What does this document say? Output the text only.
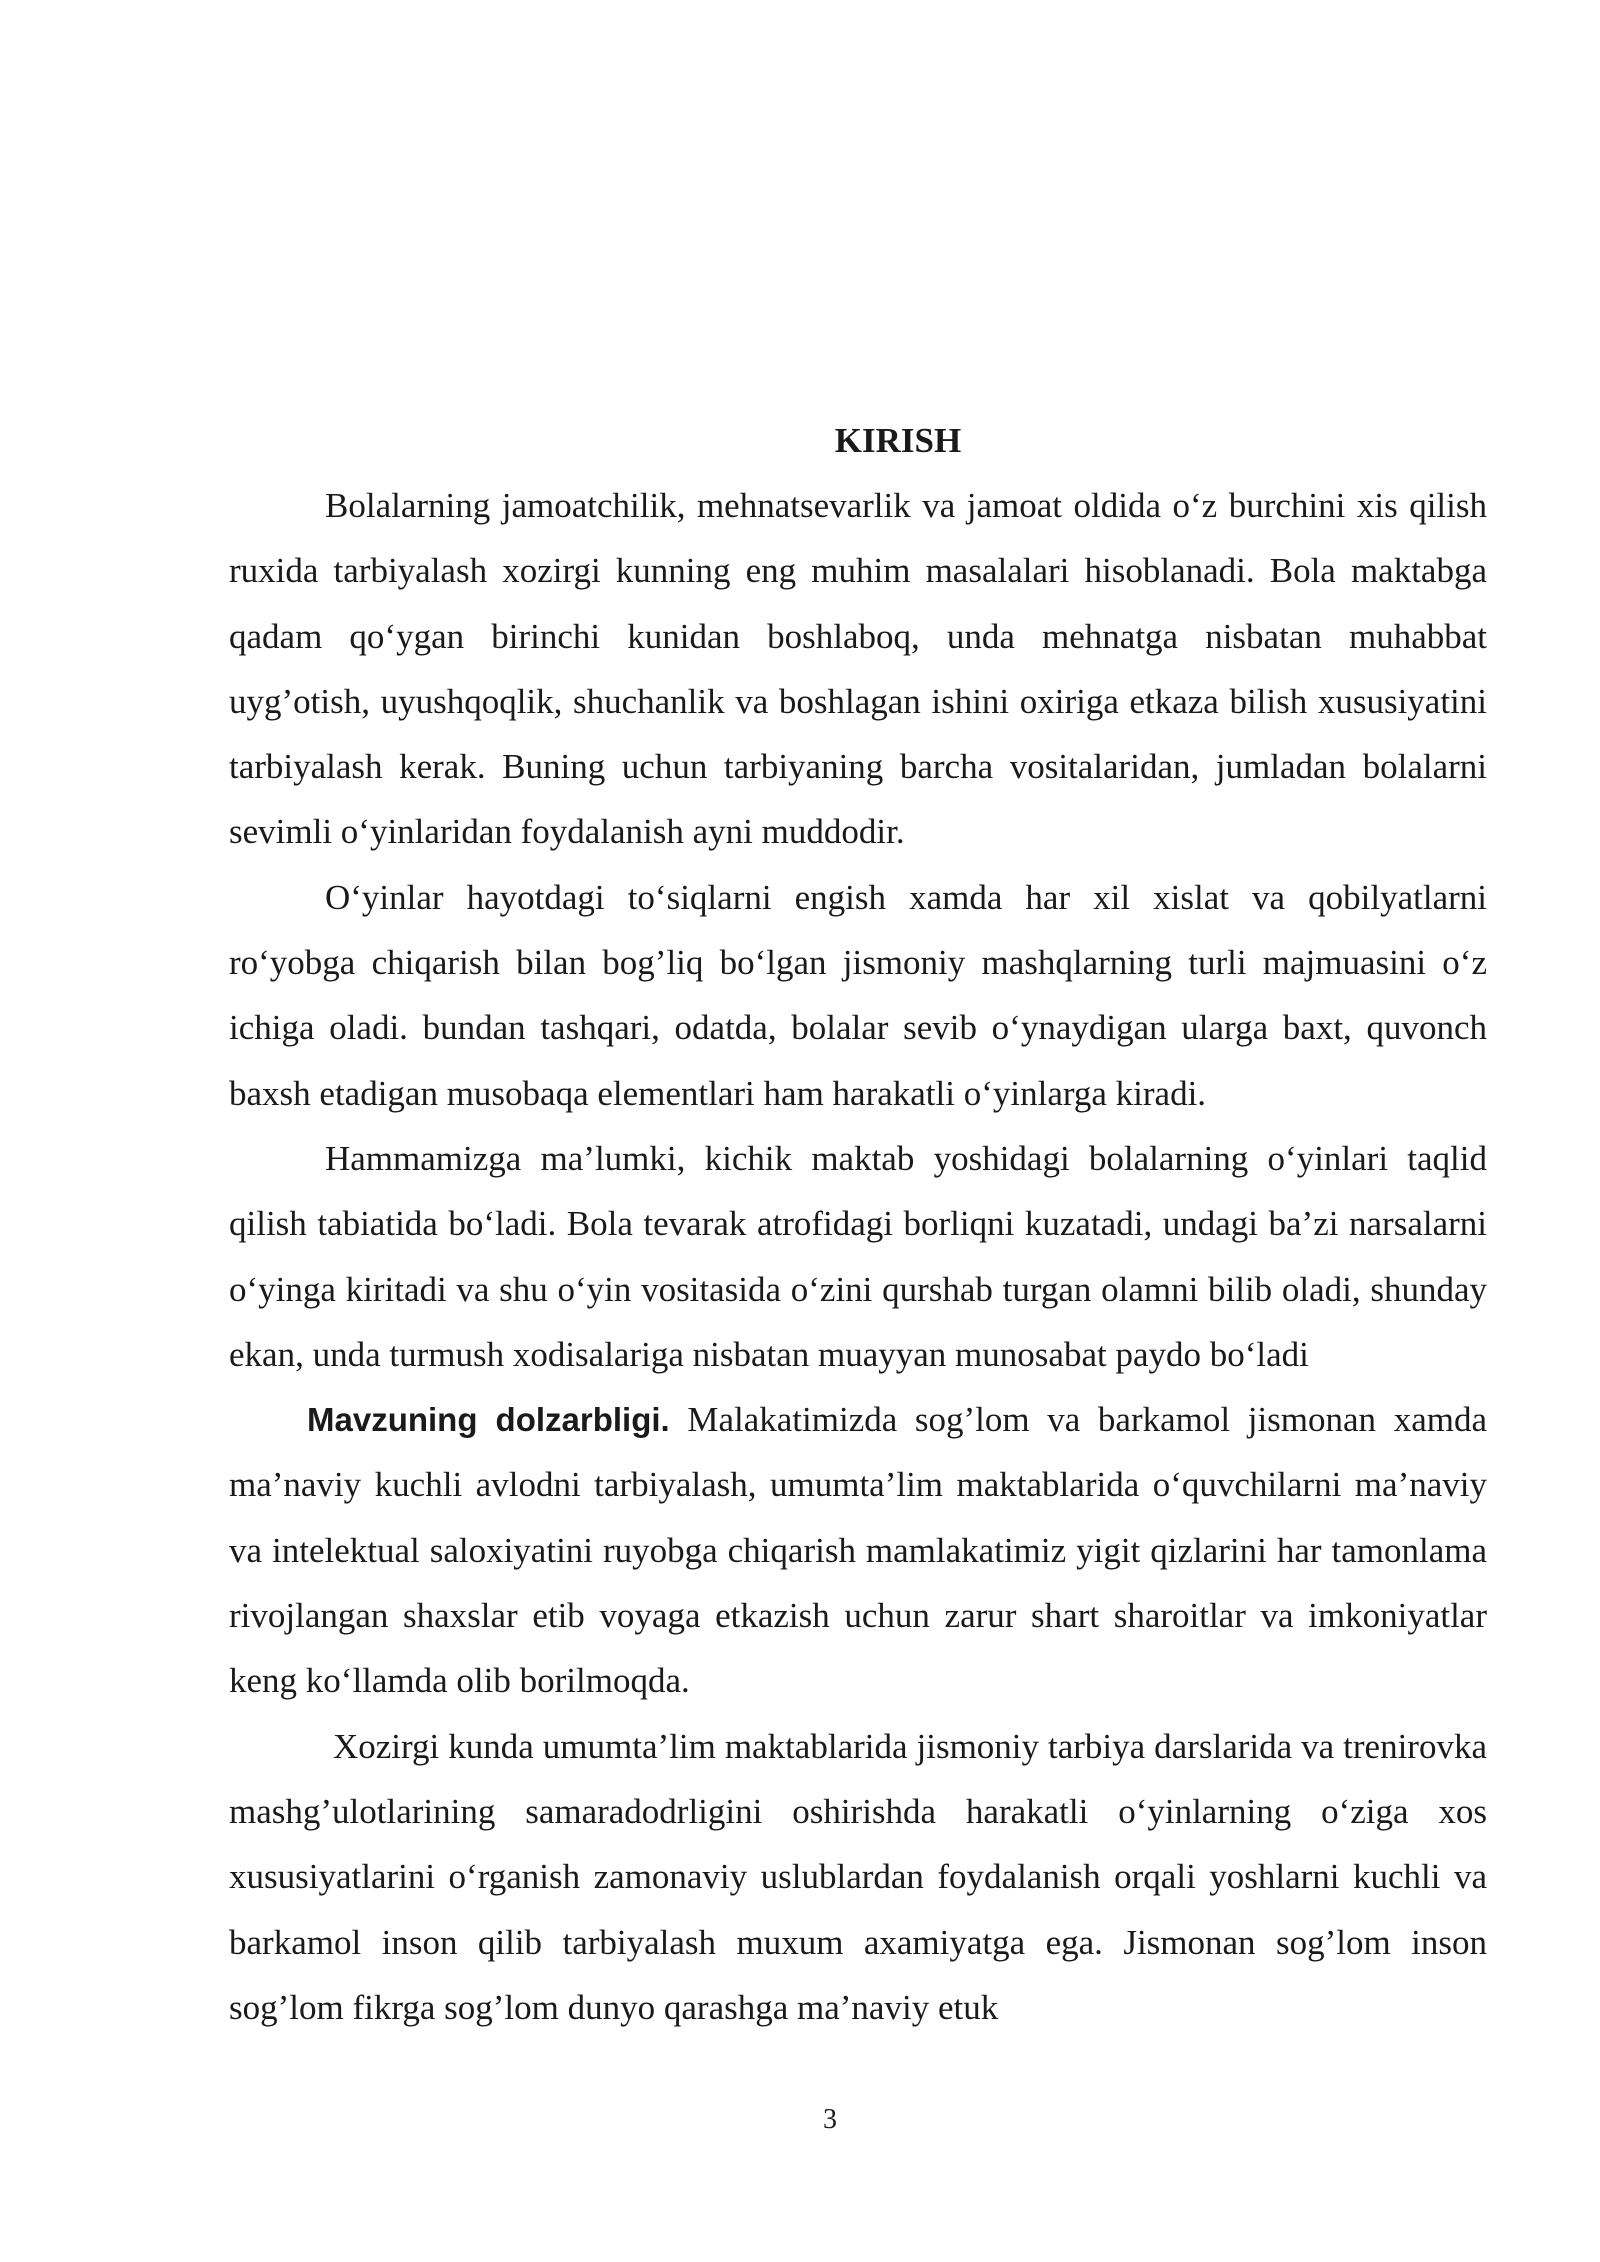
KIRISH

Bolalarning jamoatchilik, mehnatsevarlik va jamoat oldida o‘z burchini xis qilish ruxida tarbiyalash xozirgi kunning eng muhim masalalari hisoblanadi. Bola maktabga qadam qo‘ygan birinchi kunidan boshlaboq, unda mehnatga nisbatan muhabbat uyg’otish, uyushqoqlik, shuchanlik va boshlagan ishini oxiriga etkaza bilish xususiyatini tarbiyalash kerak. Buning uchun tarbiyaning barcha vositalaridan, jumladan bolalarni sevimli o‘yinlaridan foydalanish ayni muddodir.

O‘yinlar hayotdagi to‘siqlarni engish xamda har xil xislat va qobilyatlarni ro‘yobga chiqarish bilan bog’liq bo‘lgan jismoniy mashqlarning turli majmuasini o‘z ichiga oladi. bundan tashqari, odatda, bolalar sevib o‘ynaydigan ularga baxt, quvonch baxsh etadigan musobaqa elementlari ham harakatli o‘yinlarga kiradi.

Hammamizga ma’lumki, kichik maktab yoshidagi bolalarning o‘yinlari taqlid qilish tabiatida bo‘ladi. Bola tevarak atrofidagi borliqni kuzatadi, undagi ba’zi narsalarni o‘yinga kiritadi va shu o‘yin vositasida o‘zini qurshab turgan olamni bilib oladi, shunday ekan, unda turmush xodisalariga nisbatan muayyan munosabat paydo bo‘ladi

Mavzuning dolzarbligi. Malakatimizda sog’lom va barkamol jismonan xamda ma’naviy kuchli avlodni tarbiyalash, umumta’lim maktablarida o‘quvchilarni ma’naviy va intelektual saloxiyatini ruyobga chiqarish mamlakatimiz yigit qizlarini har tamonlama rivojlangan shaxslar etib voyaga etkazish uchun zarur shart sharoitlar va imkoniyatlar keng ko‘llamda olib borilmoqda.

Xozirgi kunda umumta’lim maktablarida jismoniy tarbiya darslarida va trenirovka mashg’ulotlarining samaradodrligini oshirishda harakatli o‘yinlarning o‘ziga xos xususiyatlarini o‘rganish zamonaviy uslublardan foydalanish orqali yoshlarni kuchli va barkamol inson qilib tarbiyalash muxum axamiyatga ega. Jismonan sog’lom inson sog’lom fikrga sog’lom dunyo qarashga ma’naviy etuk

3
